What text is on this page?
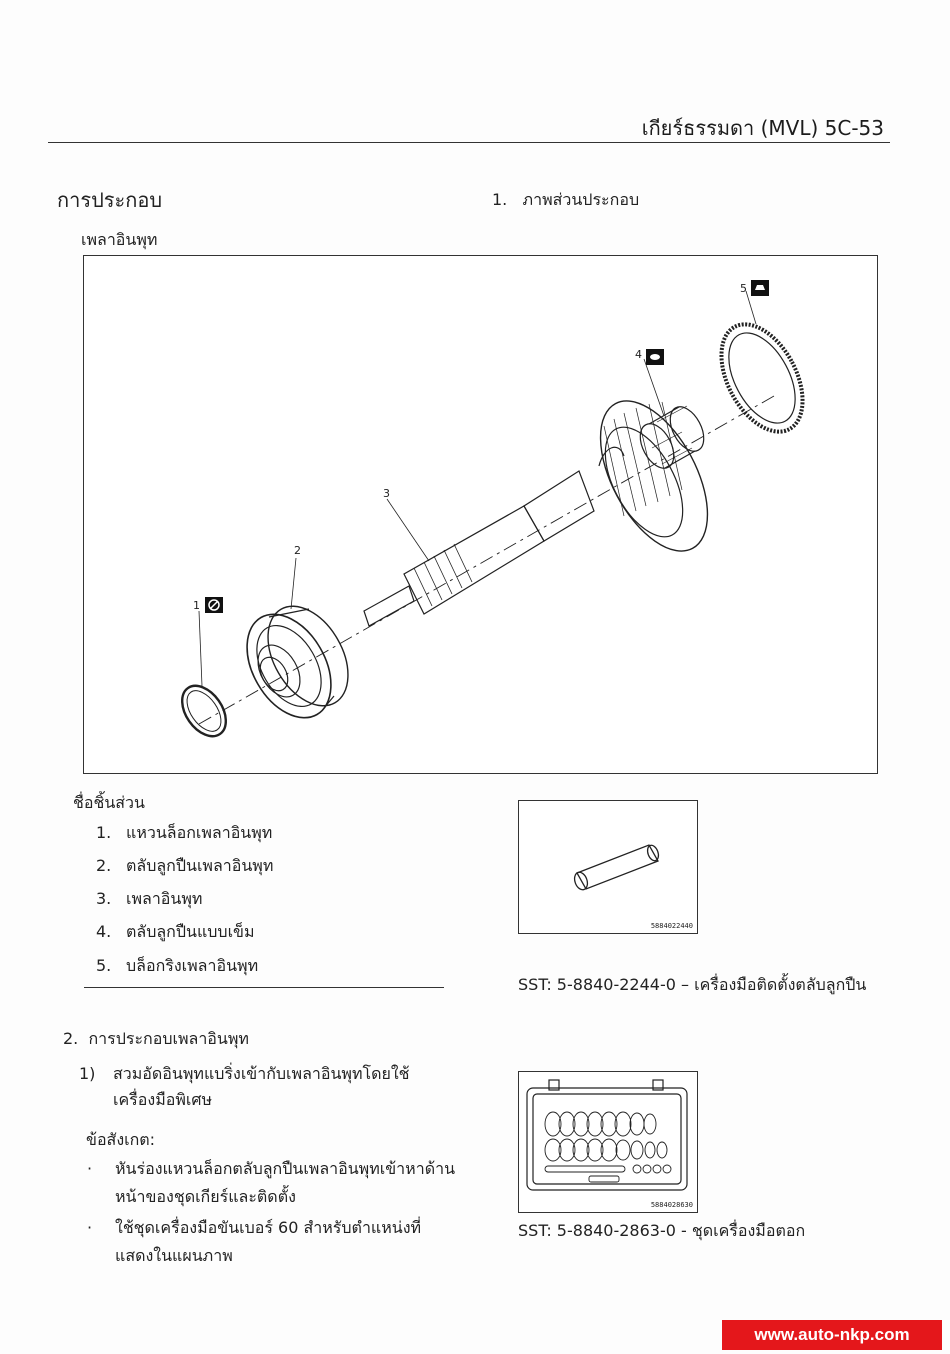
เกียร์ธรรมดา (MVL) 5C-53
การประกอบ	1. ภาพส่วนประกอบ
เพลาอินพุท
1
2
3
4
5
ชื่อชิ้นส่วน
1. แหวนล็อกเพลาอินพุท
2. ตลับลูกปืนเพลาอินพุท
3. เพลาอินพุท
4. ตลับลูกปืนแบบเข็ม
5. บล็อกริงเพลาอินพุท
2. การประกอบเพลาอินพุท
1) สวมอัดอินพุทแบริ่งเข้ากับเพลาอินพุทโดยใช้เครื่องมือพิเศษ
ข้อสังเกต:
· หันร่องแหวนล็อกตลับลูกปืนเพลาอินพุทเข้าหาด้านหน้าของชุดเกียร์และติดตั้ง
· ใช้ชุดเครื่องมือขันเบอร์ 60 สำหรับตำแหน่งที่แสดงในแผนภาพ
5884022440
SST: 5-8840-2244-0 – เครื่องมือติดตั้งตลับลูกปืน
5884028630
SST: 5-8840-2863-0 - ชุดเครื่องมือตอก
www.auto-nkp.com
